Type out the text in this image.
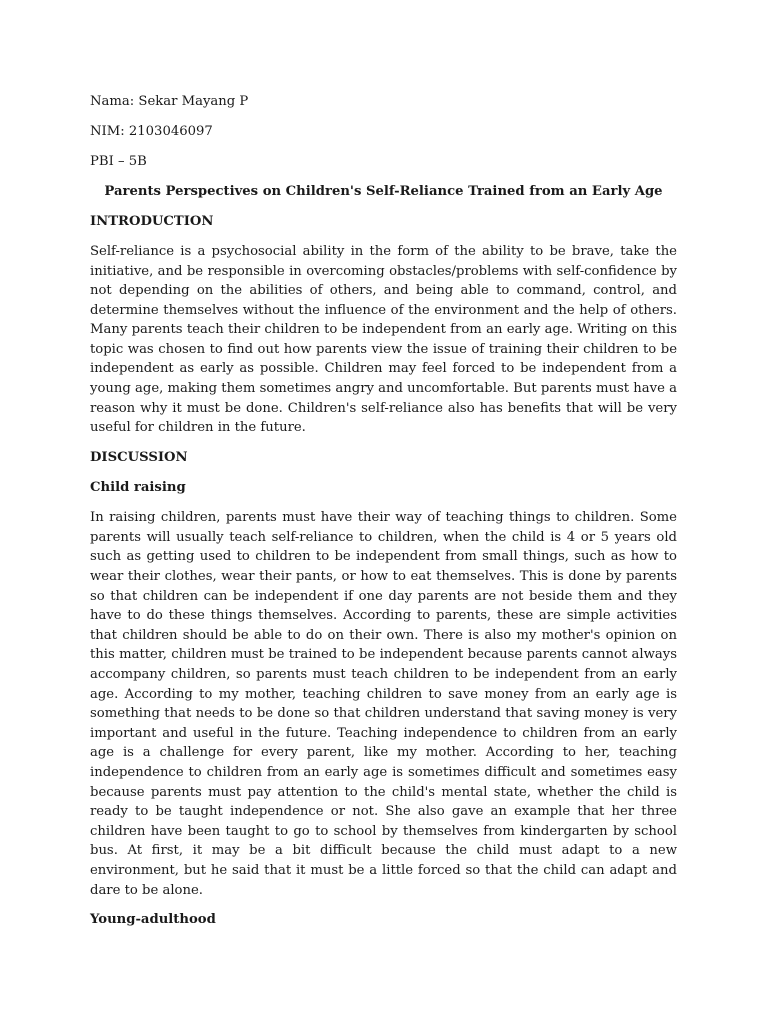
Nama: Sekar Mayang P
NIM: 2103046097
PBI – 5B
Parents Perspectives on Children's Self-Reliance Trained from an Early Age
INTRODUCTION
Self-reliance is a psychosocial ability in the form of the ability to be brave, take the initiative, and be responsible in overcoming obstacles/problems with self-confidence by not depending on the abilities of others, and being able to command, control, and determine themselves without the influence of the environment and the help of others. Many parents teach their children to be independent from an early age. Writing on this topic was chosen to find out how parents view the issue of training their children to be independent as early as possible. Children may feel forced to be independent from a young age, making them sometimes angry and uncomfortable. But parents must have a reason why it must be done. Children's self-reliance also has benefits that will be very useful for children in the future.
DISCUSSION
Child raising
In raising children, parents must have their way of teaching things to children. Some parents will usually teach self-reliance to children, when the child is 4 or 5 years old such as getting used to children to be independent from small things, such as how to wear their clothes, wear their pants, or how to eat themselves. This is done by parents so that children can be independent if one day parents are not beside them and they have to do these things themselves. According to parents, these are simple activities that children should be able to do on their own. There is also my mother's opinion on this matter, children must be trained to be independent because parents cannot always accompany children, so parents must teach children to be independent from an early age. According to my mother, teaching children to save money from an early age is something that needs to be done so that children understand that saving money is very important and useful in the future. Teaching independence to children from an early age is a challenge for every parent, like my mother. According to her, teaching independence to children from an early age is sometimes difficult and sometimes easy because parents must pay attention to the child's mental state, whether the child is ready to be taught independence or not. She also gave an example that her three children have been taught to go to school by themselves from kindergarten by school bus. At first, it may be a bit difficult because the child must adapt to a new environment, but he said that it must be a little forced so that the child can adapt and dare to be alone.
Young-adulthood
